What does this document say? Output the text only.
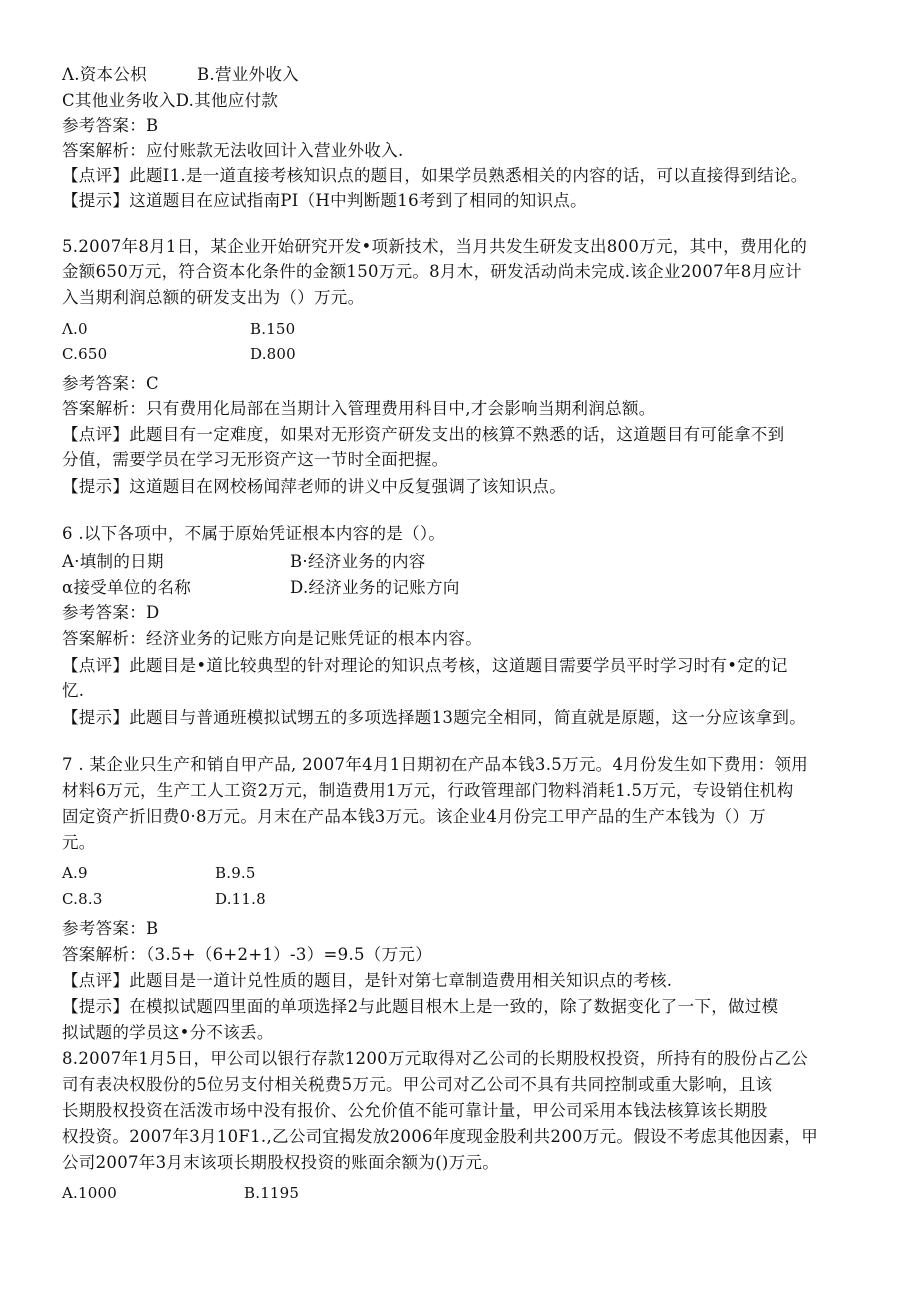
Λ.资本公枳	B.营业外收入
C其他业务收入D.其他应付款
参考答案：B
答案解析：应付账款无法收回计入营业外收入.
【点评】此题I1.是一道直接考核知识点的题目，如果学员熟悉相关的内容的话，可以直接得到结论。
【提示】这道题目在应试指南PI（H中判断题16考到了相同的知识点。
5.2007年8月1日，某企业开始研究开发•项新技术，当月共发生研发支出800万元，其中，费用化的
金额650万元，符合资本化条件的金额150万元。8月木，研发活动尚未完成.该企业2007年8月应计
入当期利润总额的研发支出为（）万元。
Λ.0	B.150
C.650	D.800
参考答案：C
答案解析：只有费用化局部在当期计入管理费用科目中,才会影响当期利润总额。
【点评】此题目有一定难度，如果对无形资产研发支出的核算不熟悉的话，这道题目有可能拿不到
分值，需要学员在学习无形资产这一节时全面把握。
【提示】这道题目在网校杨闻萍老师的讲义中反复强调了该知识点。
6 .以下各项中，不属于原始凭证根本内容的是（）。
A·填制的日期	B·经济业务的内容
α接受单位的名称	D.经济业务的记账方向
参考答案：D
答案解析：经济业务的记账方向是记账凭证的根本内容。
【点评】此题目是•道比较典型的针对理论的知识点考核，这道题目需要学员平时学习时有•定的记
忆.
【提示】此题目与普通班模拟试甥五的多项选择题13题完全相同，简直就是原题，这一分应该拿到。
7 . 某企业只生产和销自甲产品, 2007年4月1日期初在产品本钱3.5万元。4月份发生如下费用：领用
材料6万元，生产工人工资2万元，制造费用1万元，行政管理部门物料消耗1.5万元，专设销住机构
固定资产折旧费0·8万元。月末在产品本钱3万元。该企业4月份完工甲产品的生产本钱为（）万
元。
A.9	B.9.5
C.8.3	D.11.8
参考答案：B
答案解析：（3.5+（6+2+1）-3）=9.5（万元）
【点评】此题目是一道计兑性质的题目，是针对第七章制造费用相关知识点的考核.
【提示】在模拟试题四里面的单项选择2与此题目根木上是一致的，除了数据变化了一下，做过模
拟试题的学员这•分不该丢。
8.2007年1月5日，甲公司以银行存款1200万元取得对乙公司的长期股权投资，所持有的股份占乙公
司有表决权股份的5位另支付相关税费5万元。甲公司对乙公司不具有共同控制或重大影响，且该
长期股权投资在活泼市场中没有报价、公允价值不能可靠计量，甲公司采用本钱法核算该长期股
权投资。2007年3月10F1.,乙公司宜揭发放2006年度现金股利共200万元。假设不考虑其他因素，甲
公司2007年3月末该项长期股权投资的账面余额为()万元。
A.1000	B.1195
